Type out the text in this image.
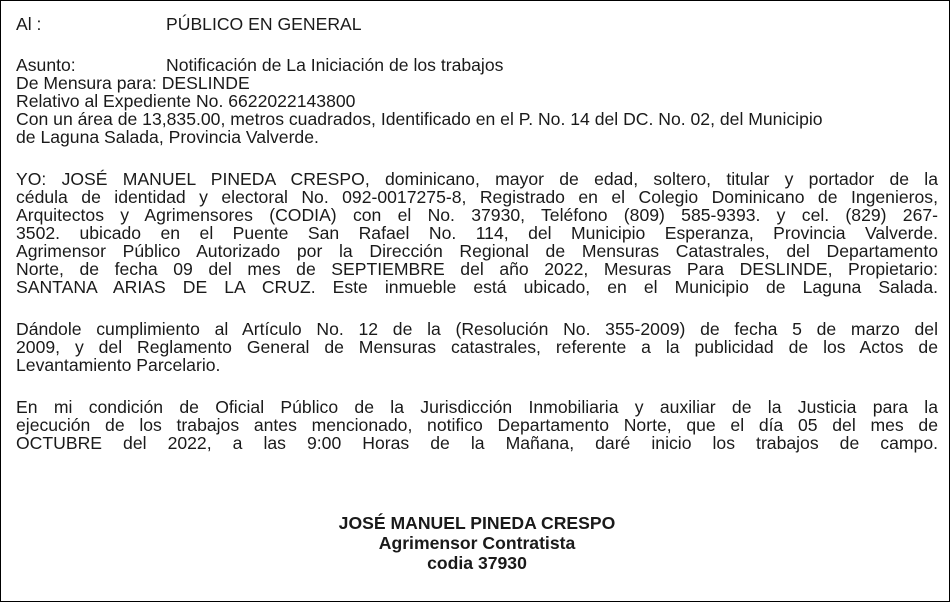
Al :	PÚBLICO EN GENERAL
Asunto:	Notificación de La Iniciación de los trabajos
De Mensura para: DESLINDE
Relativo al Expediente No. 6622022143800
Con un área de 13,835.00, metros cuadrados, Identificado en el P. No. 14 del DC. No. 02, del Municipio
de Laguna Salada, Provincia Valverde.
YO: JOSÉ MANUEL PINEDA CRESPO, dominicano, mayor de edad, soltero, titular y portador de la
cédula de identidad y electoral No. 092-0017275-8, Registrado en el Colegio Dominicano de Ingenieros,
Arquitectos y Agrimensores (CODIA) con el No. 37930, Teléfono (809) 585-9393. y cel. (829) 267-
3502. ubicado en el Puente San Rafael No. 114, del Municipio Esperanza, Provincia Valverde.
Agrimensor Público Autorizado por la Dirección Regional de Mensuras Catastrales, del Departamento
Norte, de fecha 09 del mes de SEPTIEMBRE del año 2022, Mesuras Para DESLINDE, Propietario:
SANTANA ARIAS DE LA CRUZ. Este inmueble está ubicado, en el Municipio de Laguna Salada.
Dándole cumplimiento al Artículo No. 12 de la (Resolución No. 355-2009) de fecha 5 de marzo del
2009, y del Reglamento General de Mensuras catastrales, referente a la publicidad de los Actos de
Levantamiento Parcelario.
En mi condición de Oficial Público de la Jurisdicción Inmobiliaria y auxiliar de la Justicia para la
ejecución de los trabajos antes mencionado, notifico Departamento Norte, que el día 05 del mes de
OCTUBRE del 2022, a las 9:00 Horas de la Mañana, daré inicio los trabajos de campo.
JOSÉ MANUEL PINEDA CRESPO
Agrimensor Contratista
codia 37930
